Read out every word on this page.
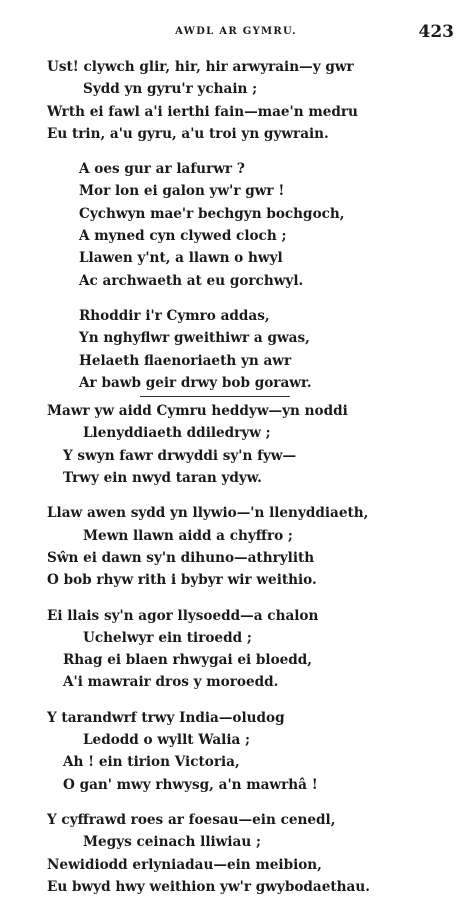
AWDL AR GYMRU.	423
Ust! clywch glir, hir, hir arwyrain—y gwr
Sydd yn gyru'r ychain ;
Wrth ei fawl a'i ierthi fain—mae'n medru
Eu trin, a'u gyru, a'u troi yn gywrain.
A oes gur ar lafurwr ?
Mor lon ei galon yw'r gwr !
Cychwyn mae'r bechgyn bochgoch,
A myned cyn clywed cloch ;
Llawen y'nt, a llawn o hwyl
Ac archwaeth at eu gorchwyl.
Rhoddir i'r Cymro addas,
Yn nghyflwr gweithiwr a gwas,
Helaeth flaenoriaeth yn awr
Ar bawb geir drwy bob gorawr.
Mawr yw aidd Cymru heddyw—yn noddi
Llenyddiaeth ddiledryw ;
Y swyn fawr drwyddi sy'n fyw—
Trwy ein nwyd taran ydyw.
Llaw awen sydd yn llywio—'n llenyddiaeth,
Mewn llawn aidd a chyffro ;
Sŵn ei dawn sy'n dihuno—athrylith
O bob rhyw rith i bybyr wir weithio.
Ei llais sy'n agor llysoedd—a chalon
Uchelwyr ein tiroedd ;
Rhag ei blaen rhwygai ei bloedd,
A'i mawrair dros y moroedd.
Y tarandwrf trwy India—oludog
Ledodd o wyllt Walia ;
Ah ! ein tirion Victoria,
O gan' mwy rhwysg, a'n mawrhâ !
Y cyffrawd roes ar foesau—ein cenedl,
Megys ceinach lliwiau ;
Newidiodd erlyniadau—ein meibion,
Eu bwyd hwy weithion yw'r gwybodaethau.
